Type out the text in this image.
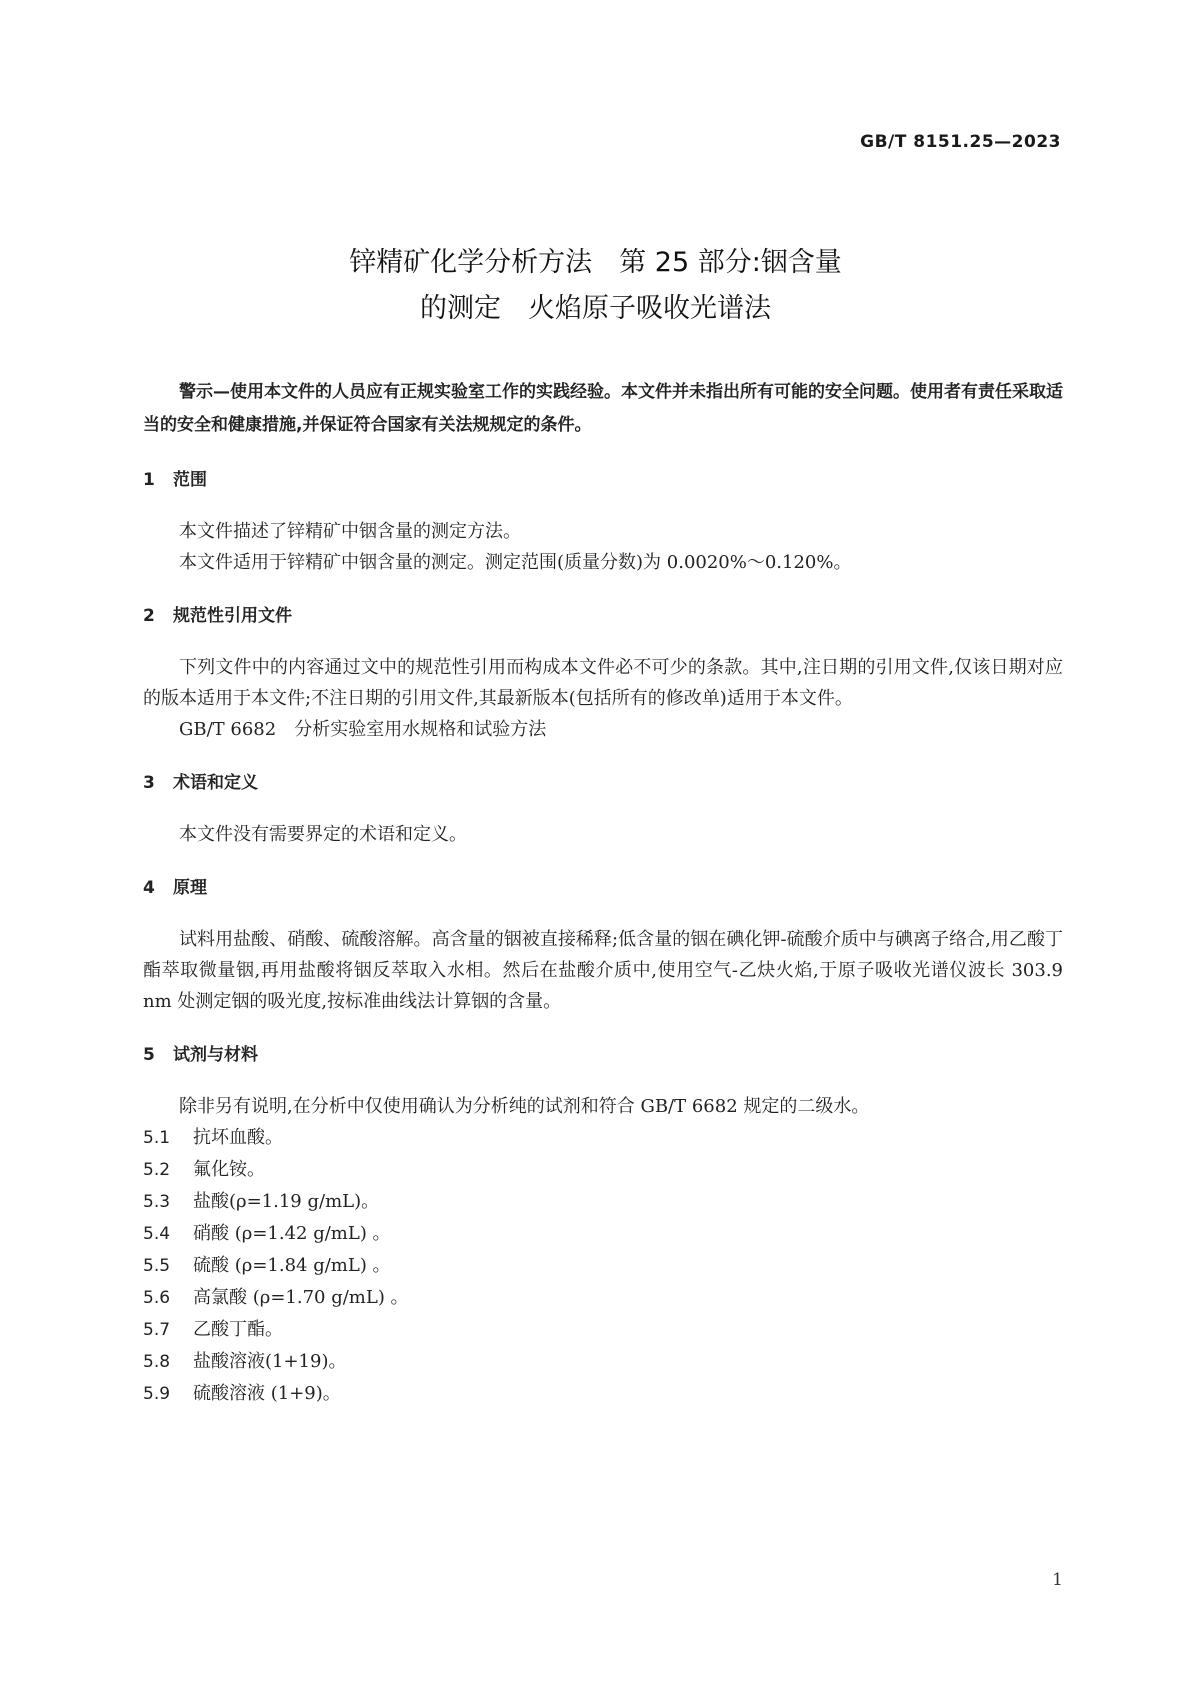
GB/T 8151.25—2023
锌精矿化学分析方法　第 25 部分:铟含量
的测定　火焰原子吸收光谱法

警示—使用本文件的人员应有正规实验室工作的实践经验。本文件并未指出所有可能的安全问题。使用者有责任采取适当的安全和健康措施,并保证符合国家有关法规规定的条件。

1 范围

本文件描述了锌精矿中铟含量的测定方法。

本文件适用于锌精矿中铟含量的测定。测定范围(质量分数)为 0.0020%～0.120%。

2 规范性引用文件

下列文件中的内容通过文中的规范性引用而构成本文件必不可少的条款。其中,注日期的引用文件,仅该日期对应的版本适用于本文件;不注日期的引用文件,其最新版本(包括所有的修改单)适用于本文件。

GB/T 6682　分析实验室用水规格和试验方法

3 术语和定义

本文件没有需要界定的术语和定义。

4 原理

试料用盐酸、硝酸、硫酸溶解。高含量的铟被直接稀释;低含量的铟在碘化钾-硫酸介质中与碘离子络合,用乙酸丁酯萃取微量铟,再用盐酸将铟反萃取入水相。然后在盐酸介质中,使用空气-乙炔火焰,于原子吸收光谱仪波长 303.9 nm 处测定铟的吸光度,按标准曲线法计算铟的含量。

5 试剂与材料

除非另有说明,在分析中仅使用确认为分析纯的试剂和符合 GB/T 6682 规定的二级水。

5.1 抗坏血酸。
5.2 氟化铵。
5.3 盐酸(ρ=1.19 g/mL)。
5.4 硝酸 (ρ=1.42 g/mL) 。
5.5 硫酸 (ρ=1.84 g/mL) 。
5.6 高氯酸 (ρ=1.70 g/mL) 。
5.7 乙酸丁酯。
5.8 盐酸溶液(1+19)。
5.9 硫酸溶液 (1+9)。
1
